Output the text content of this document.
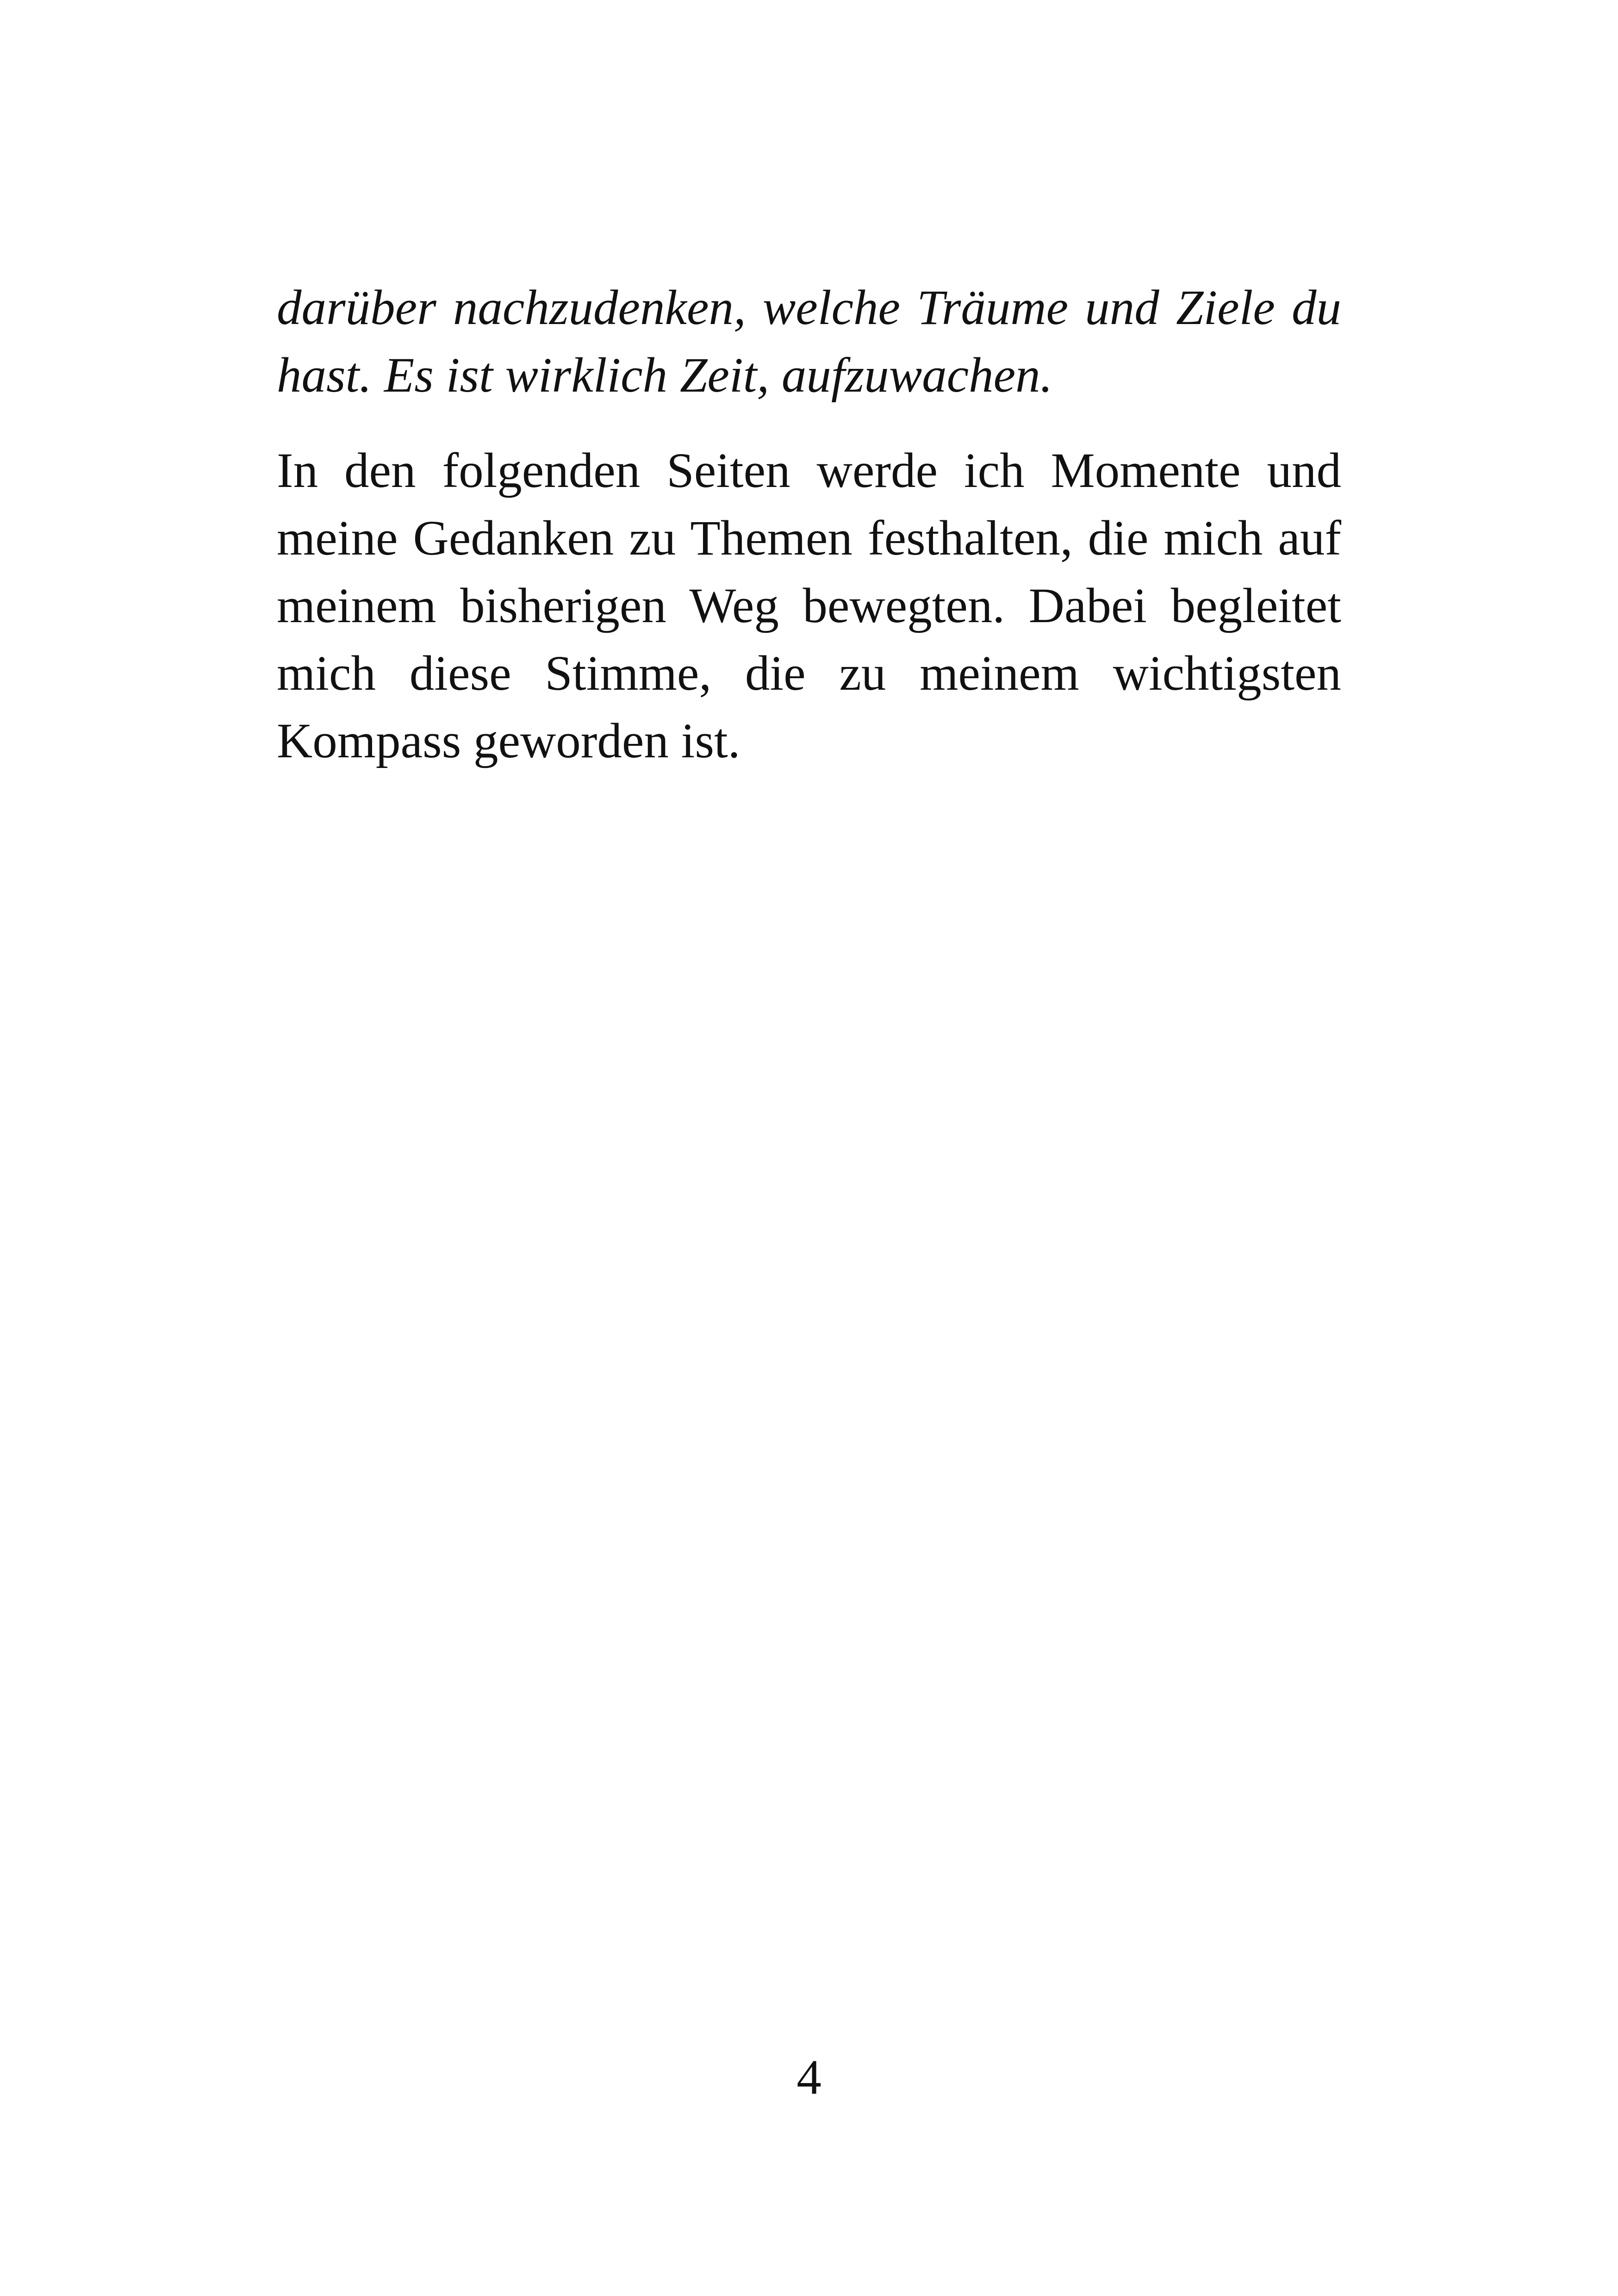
darüber nachzudenken, welche Träume und Ziele du
hast. Es ist wirklich Zeit, aufzuwachen.

In den folgenden Seiten werde ich Momente und
meine Gedanken zu Themen festhalten, die mich auf
meinem bisherigen Weg bewegten. Dabei begleitet
mich diese Stimme, die zu meinem wichtigsten
Kompass geworden ist.

4
